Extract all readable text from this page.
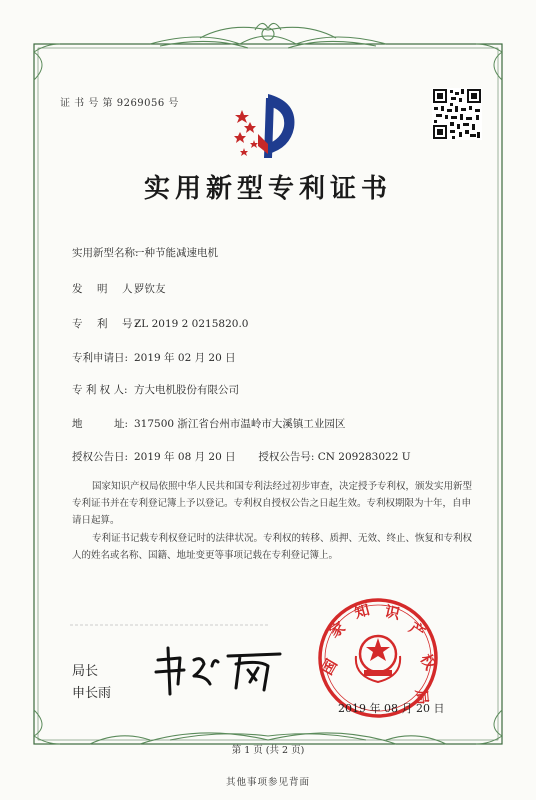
证 书 号 第 9269056 号
实用新型专利证书
实用新型名称:一种节能减速电机
发　明　人:罗钦友
专　利　号:ZL 2019 2 0215820.0
专利申请日: 2019 年 02 月 20 日
专 利 权 人: 方大电机股份有限公司
地　　　址: 317500 浙江省台州市温岭市大溪镇工业园区
授权公告日: 2019 年 08 月 20 日 授权公告号: CN 209283022 U
国家知识产权局依照中华人民共和国专利法经过初步审查，决定授予专利权，颁发实用新型专利证书并在专利登记簿上予以登记。专利权自授权公告之日起生效。专利权期限为十年，自申请日起算。
专利证书记载专利权登记时的法律状况。专利权的转移、质押、无效、终止、恢复和专利权人的姓名或名称、国籍、地址变更等事项记载在专利登记簿上。
局长
申长雨
国
家
知 识
产
权
局
2019 年 08 月 20 日
第 1 页 (共 2 页)
其他事项参见背面
